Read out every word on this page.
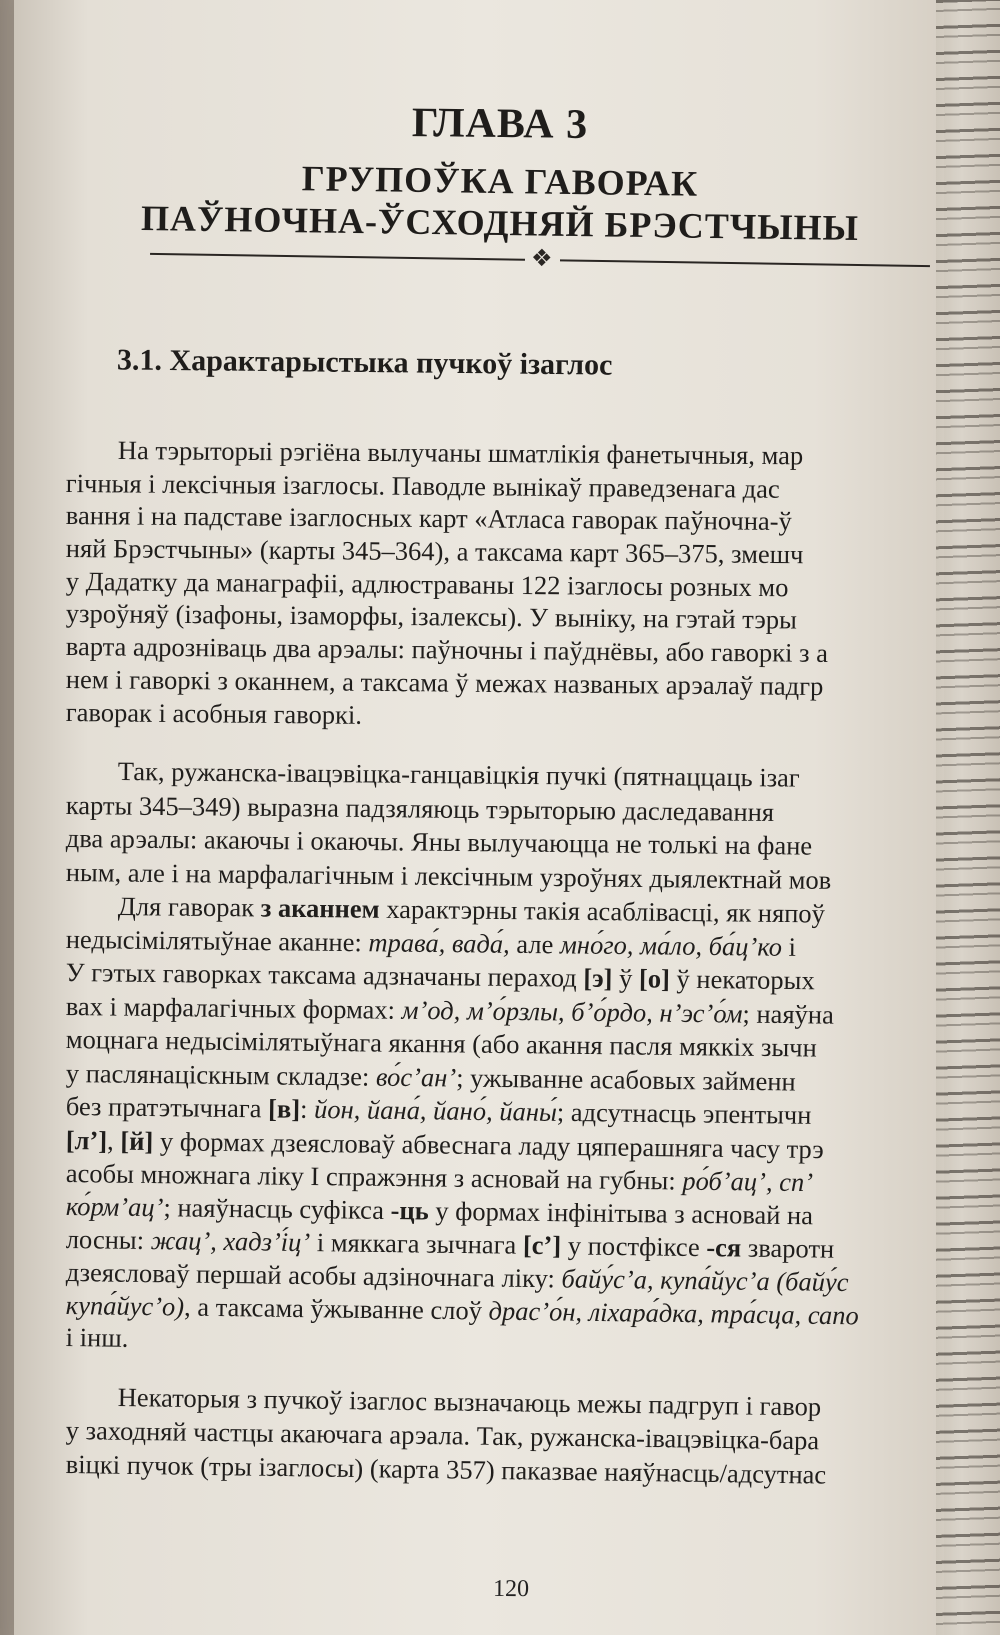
ГЛАВА 3
ГРУПОЎКА ГАВОРАК
ПАЎНОЧНА-ЎСХОДНЯЙ БРЭСТЧЫНЫ
❖
3.1. Характарыстыка пучкоў ізаглос
На тэрыторыі рэгіёна вылучаны шматлікія фанетычныя, мар
гічныя і лексічныя ізаглосы. Паводле вынікаў праведзенага дас
вання і на падставе ізаглосных карт «Атласа гаворак паўночна-ў
няй Брэстчыны» (карты 345–364), а таксама карт 365–375, змешч
у Дадатку да манаграфіі, адлюстраваны 122 ізаглосы розных мо
узроўняў (ізафоны, ізаморфы, ізалексы). У выніку, на гэтай тэры
варта адрозніваць два арэалы: паўночны і паўднёвы, або гаворкі з а
нем і гаворкі з оканнем, а таксама ў межах названых арэалаў падгр
гаворак і асобныя гаворкі.
Так, ружанска-івацэвіцка-ганцавіцкія пучкі (пятнаццаць ізаг
карты 345–349) выразна падзяляюць тэрыторыю даследавання
два арэалы: акаючы і окаючы. Яны вылучаюцца не толькі на фане
ным, але і на марфалагічным і лексічным узроўнях дыялектнай мов
Для гаворак з аканнем характэрны такія асаблівасці, як няпоў
недысімілятыўнае аканне: трава́, вада́, але мно́го, ма́ло, ба́ц’ко і
У гэтых гаворках таксама адзначаны пераход [э] ў [о] ў некаторых
вах і марфалагічных формах: м’од, м’о́рзлы, б’о́рдо, н’эс’о́м; наяўна
моцнага недысімілятыўнага якання (або акання пасля мяккіх зычн
у паслянаціскным складзе: во́с’ан’; ужыванне асабовых займенн
без пратэтычнага [в]: йон, йана́, йано́, йаны́; адсутнасць эпентычн
[л’], [й] у формах дзеясловаў абвеснага ладу цяперашняга часу трэ
асобы множнага ліку І спражэння з асновай на губны: ро́б’ац’, сп’
ко́рм’ац’; наяўнасць суфікса -ць у формах інфінітыва з асновай на
лосны: жац’, хадз’і́ц’ і мяккага зычнага [с’] у постфіксе -ся зваротн
дзеясловаў першай асобы адзіночнага ліку: байу́с’а, купа́йус’а (байу́с
купа́йус’о), а таксама ўжыванне слоў драс’о́н, ліхара́дка, тра́сца, сапо
і інш.
Некаторыя з пучкоў ізаглос вызначаюць межы падгруп і гавор
у заходняй частцы акаючага арэала. Так, ружанска-івацэвіцка-бара
віцкі пучок (тры ізаглосы) (карта 357) паказвае наяўнасць/адсутнас
120
